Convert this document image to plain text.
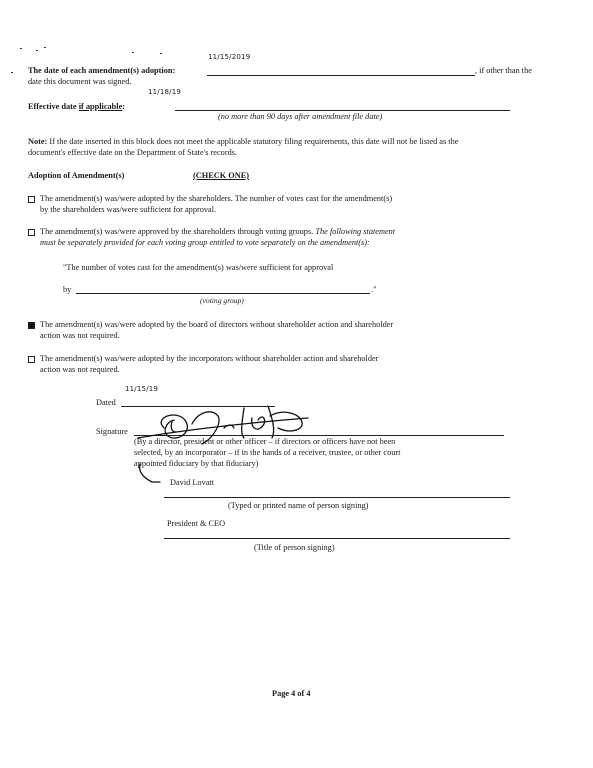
11/15/2019
The date of each amendment(s) adoption:	, if other than the
date this document was signed.
11/18/19
Effective date if applicable:
(no more than 90 days after amendment file date)
Note: If the date inserted in this block does not meet the applicable statutory filing requirements, this date will not be listed as the
document's effective date on the Department of State's records.
Adoption of Amendment(s)	(CHECK ONE)
The amendment(s) was/were adopted by the shareholders. The number of votes cast for the amendment(s)
by the shareholders was/were sufficient for approval.
The amendment(s) was/were approved by the shareholders through voting groups. The following statement
must be separately provided for each voting group entitled to vote separately on the amendment(s):
"The number of votes cast for the amendment(s) was/were sufficient for approval
by	."
(voting group)
The amendment(s) was/were adopted by the board of directors without shareholder action and shareholder
action was not required.
The amendment(s) was/were adopted by the incorporators without shareholder action and shareholder
action was not required.
11/15/19
Dated
Signature
(By a director, president or other officer – if directors or officers have not been
selected, by an incorporator – if in the hands of a receiver, trustee, or other court
appointed fiduciary by that fiduciary)
David Lovatt
(Typed or printed name of person signing)
President & CEO
(Title of person signing)
Page 4 of 4
